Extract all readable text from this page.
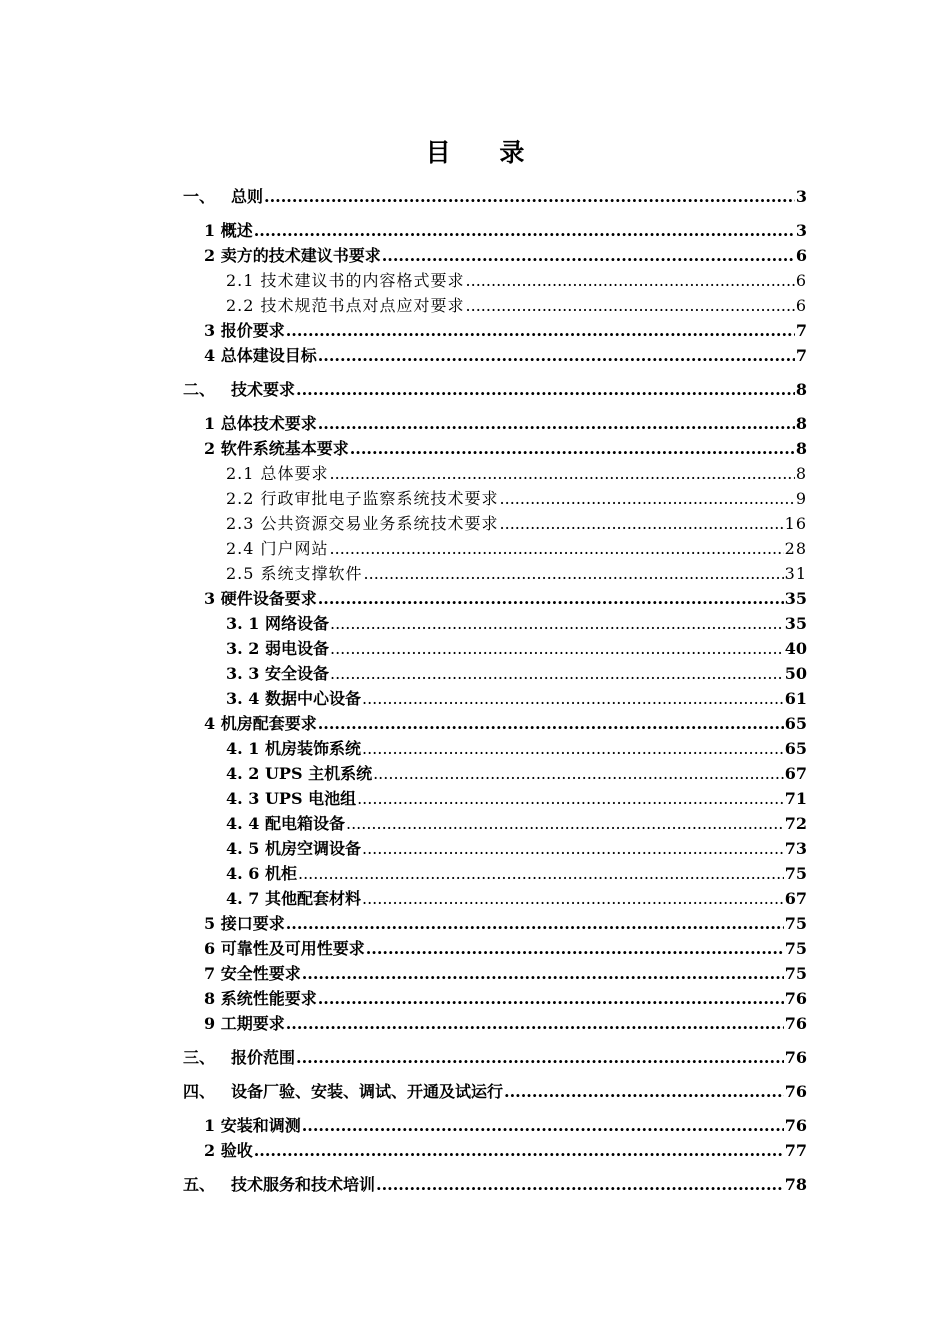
目 录
一、 总则 .....	3
1 概述 .....	3
2 卖方的技术建议书要求 .....	6
2.1 技术建议书的内容格式要求 .....	6
2.2 技术规范书点对点应对要求 .....	6
3 报价要求 .....	7
4 总体建设目标 .....	7
二、 技术要求 .....	8
1 总体技术要求 .....	8
2 软件系统基本要求 .....	8
2.1 总体要求 .....	8
2.2 行政审批电子监察系统技术要求 .....	9
2.3 公共资源交易业务系统技术要求 .....	16
2.4 门户网站 .....	28
2.5 系统支撑软件 .....	31
3 硬件设备要求 .....	35
3. 1 网络设备 .....	35
3. 2 弱电设备 .....	40
3. 3 安全设备 .....	50
3. 4 数据中心设备 .....	61
4 机房配套要求 .....	65
4. 1 机房装饰系统 .....	65
4. 2 UPS 主机系统 .....	67
4. 3 UPS 电池组 .....	71
4. 4 配电箱设备 .....	72
4. 5 机房空调设备 .....	73
4. 6 机柜 .....	75
4. 7 其他配套材料 .....	67
5 接口要求 .....	75
6 可靠性及可用性要求 .....	75
7 安全性要求 .....	75
8 系统性能要求 .....	76
9 工期要求 .....	76
三、 报价范围 .....	76
四、 设备厂验、安装、调试、开通及试运行 .....	76
1 安装和调测 .....	76
2 验收 .....	77
五、 技术服务和技术培训 .....	78
